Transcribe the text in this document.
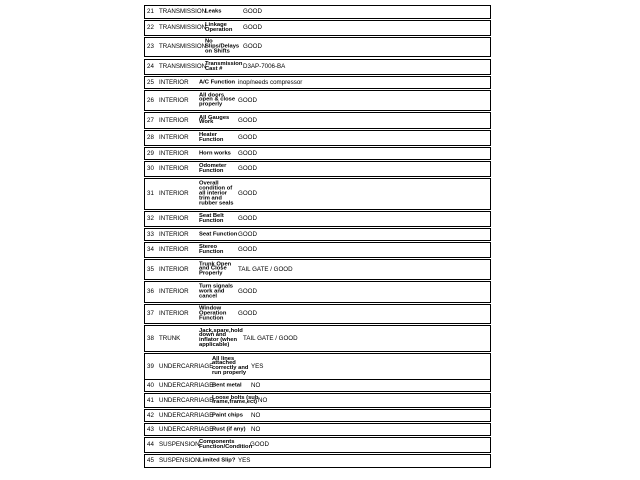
21 TRANSMISSION
Leaks	GOOD
22 TRANSMISSION
Linkage
Operation GOOD
23 TRANSMISSION
No
Slips/Delays
on Shifts
GOOD
24 TRANSMISSION
Transmission
Cast #	D3AP-7006-BA
25 INTERIOR A/C Function inop/needs compressor
26 INTERIOR
All doors
open & close
properly
GOOD
27 INTERIOR All Gauges
Work	GOOD
28 INTERIOR Heater
Function GOOD
29 INTERIOR Horn works GOOD
30 INTERIOR Odometer
Function	GOOD
31 INTERIOR
Overall
condition of
all interior
trim and
rubber seals
GOOD
32 INTERIOR Seat Belt
Function GOOD
33 INTERIOR Seat Function GOOD
34 INTERIOR Stereo
Function GOOD
35 INTERIOR
Trunk Open
and Close
Properly
TAIL GATE / GOOD
36 INTERIOR
Turn signals
work and
cancel
GOOD
37 INTERIOR
Window
Operation
Function
GOOD
38 TRUNK
Jack,spare,hold
down and
inflator (when
applicable)
TAIL GATE / GOOD
39 UNDERCARRIAGE
All lines
attached
correctly and
run properly
YES
40 UNDERCARRIAGE
Bent metal NO
41 UNDERCARRIAGE
Loose bolts (sub
frame,frame,ect) NO
42 UNDERCARRIAGE
Paint chips NO
43 UNDERCARRIAGE
Rust (if any) NO
44 SUSPENSION Components
Function/Condition
GOOD
45 SUSPENSION Limited Slip? YES
